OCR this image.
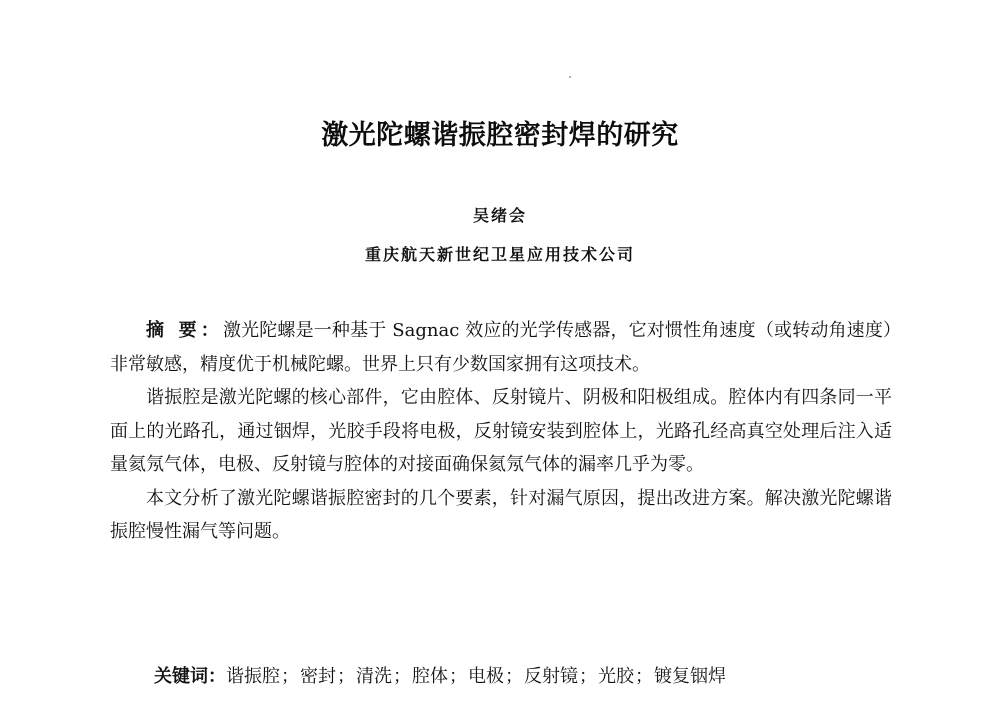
激光陀螺谐振腔密封焊的研究
吴绪会
重庆航天新世纪卫星应用技术公司

摘 要：激光陀螺是一种基于 Sagnac 效应的光学传感器，它对惯性角速度（或转动角速度）非常敏感，精度优于机械陀螺。世界上只有少数国家拥有这项技术。

谐振腔是激光陀螺的核心部件，它由腔体、反射镜片、阴极和阳极组成。腔体内有四条同一平面上的光路孔，通过铟焊，光胶手段将电极，反射镜安装到腔体上，光路孔经高真空处理后注入适量氦氖气体，电极、反射镜与腔体的对接面确保氦氖气体的漏率几乎为零。

本文分析了激光陀螺谐振腔密封的几个要素，针对漏气原因，提出改进方案。解决激光陀螺谐振腔慢性漏气等问题。

关键词：谐振腔；密封；清洗；腔体；电极；反射镜；光胶；镀复铟焊
